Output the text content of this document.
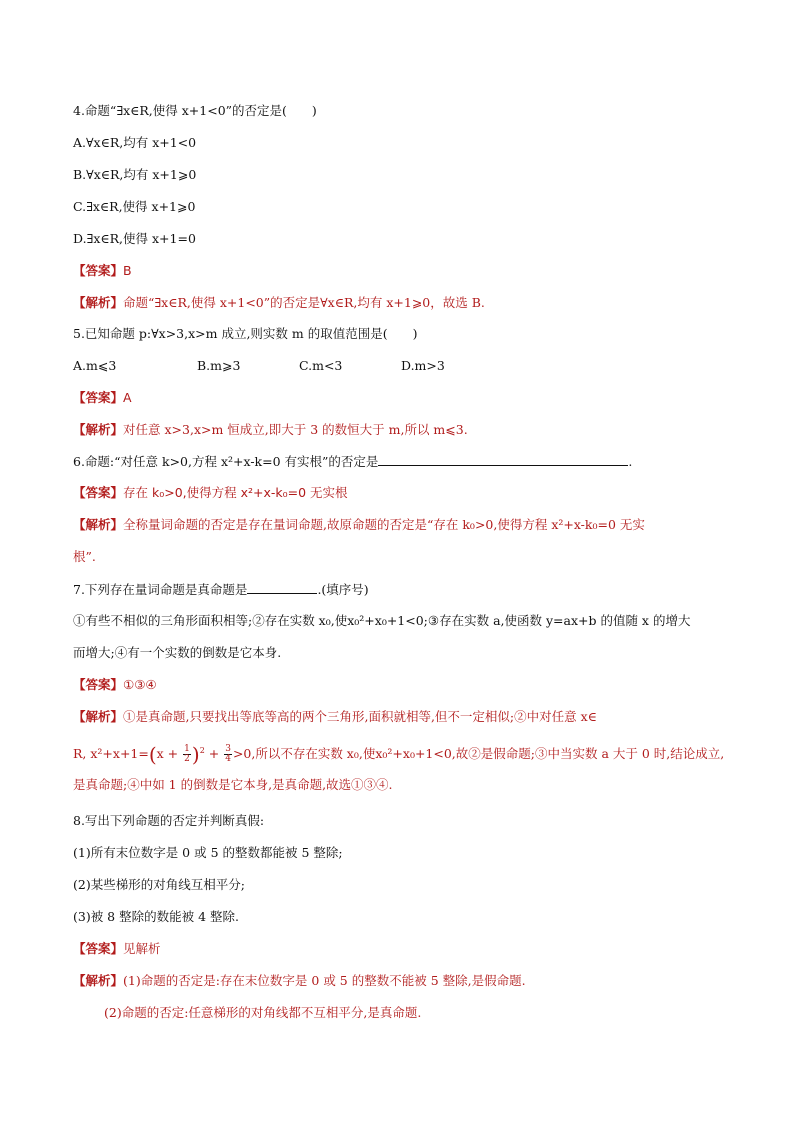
4.命题“∃x∈R,使得 x+1<0”的否定是(　　)
A.∀x∈R,均有 x+1<0
B.∀x∈R,均有 x+1⩾0
C.∃x∈R,使得 x+1⩾0
D.∃x∈R,使得 x+1=0
【答案】B
【解析】命题“∃x∈R,使得 x+1<0”的否定是∀x∈R,均有 x+1⩾0，故选 B.
5.已知命题 p:∀x>3,x>m 成立,则实数 m 的取值范围是(　　)
A.m⩽3	B.m⩾3	C.m<3	D.m>3
【答案】A
【解析】对任意 x>3,x>m 恒成立,即大于 3 的数恒大于 m,所以 m⩽3.
6.命题:“对任意 k>0,方程 x²+x-k=0 有实根”的否定是	.
【答案】存在 k₀>0,使得方程 x²+x-k₀=0 无实根
【解析】全称量词命题的否定是存在量词命题,故原命题的否定是“存在 k₀>0,使得方程 x²+x-k₀=0 无实
根”.
7.下列存在量词命题是真命题是	.(填序号)
①有些不相似的三角形面积相等;②存在实数 x₀,使x₀²+x₀+1<0;③存在实数 a,使函数 y=ax+b 的值随 x 的增大
而增大;④有一个实数的倒数是它本身.
【答案】①③④
【解析】①是真命题,只要找出等底等高的两个三角形,面积就相等,但不一定相似;②中对任意 x∈
R, $x^2+x+1=(x + \frac{1}{2} )^2 + \frac{3}{4} >0$,所以不存在实数 x₀,使x₀²+x₀+1<0,故②是假命题;③中当实数 a 大于 0 时,结论成立,
是真命题;④中如 1 的倒数是它本身,是真命题,故选①③④.
8.写出下列命题的否定并判断真假:
(1)所有末位数字是 0 或 5 的整数都能被 5 整除;
(2)某些梯形的对角线互相平分;
(3)被 8 整除的数能被 4 整除.
【答案】见解析
【解析】(1)命题的否定是:存在末位数字是 0 或 5 的整数不能被 5 整除,是假命题.
(2)命题的否定:任意梯形的对角线都不互相平分,是真命题.
